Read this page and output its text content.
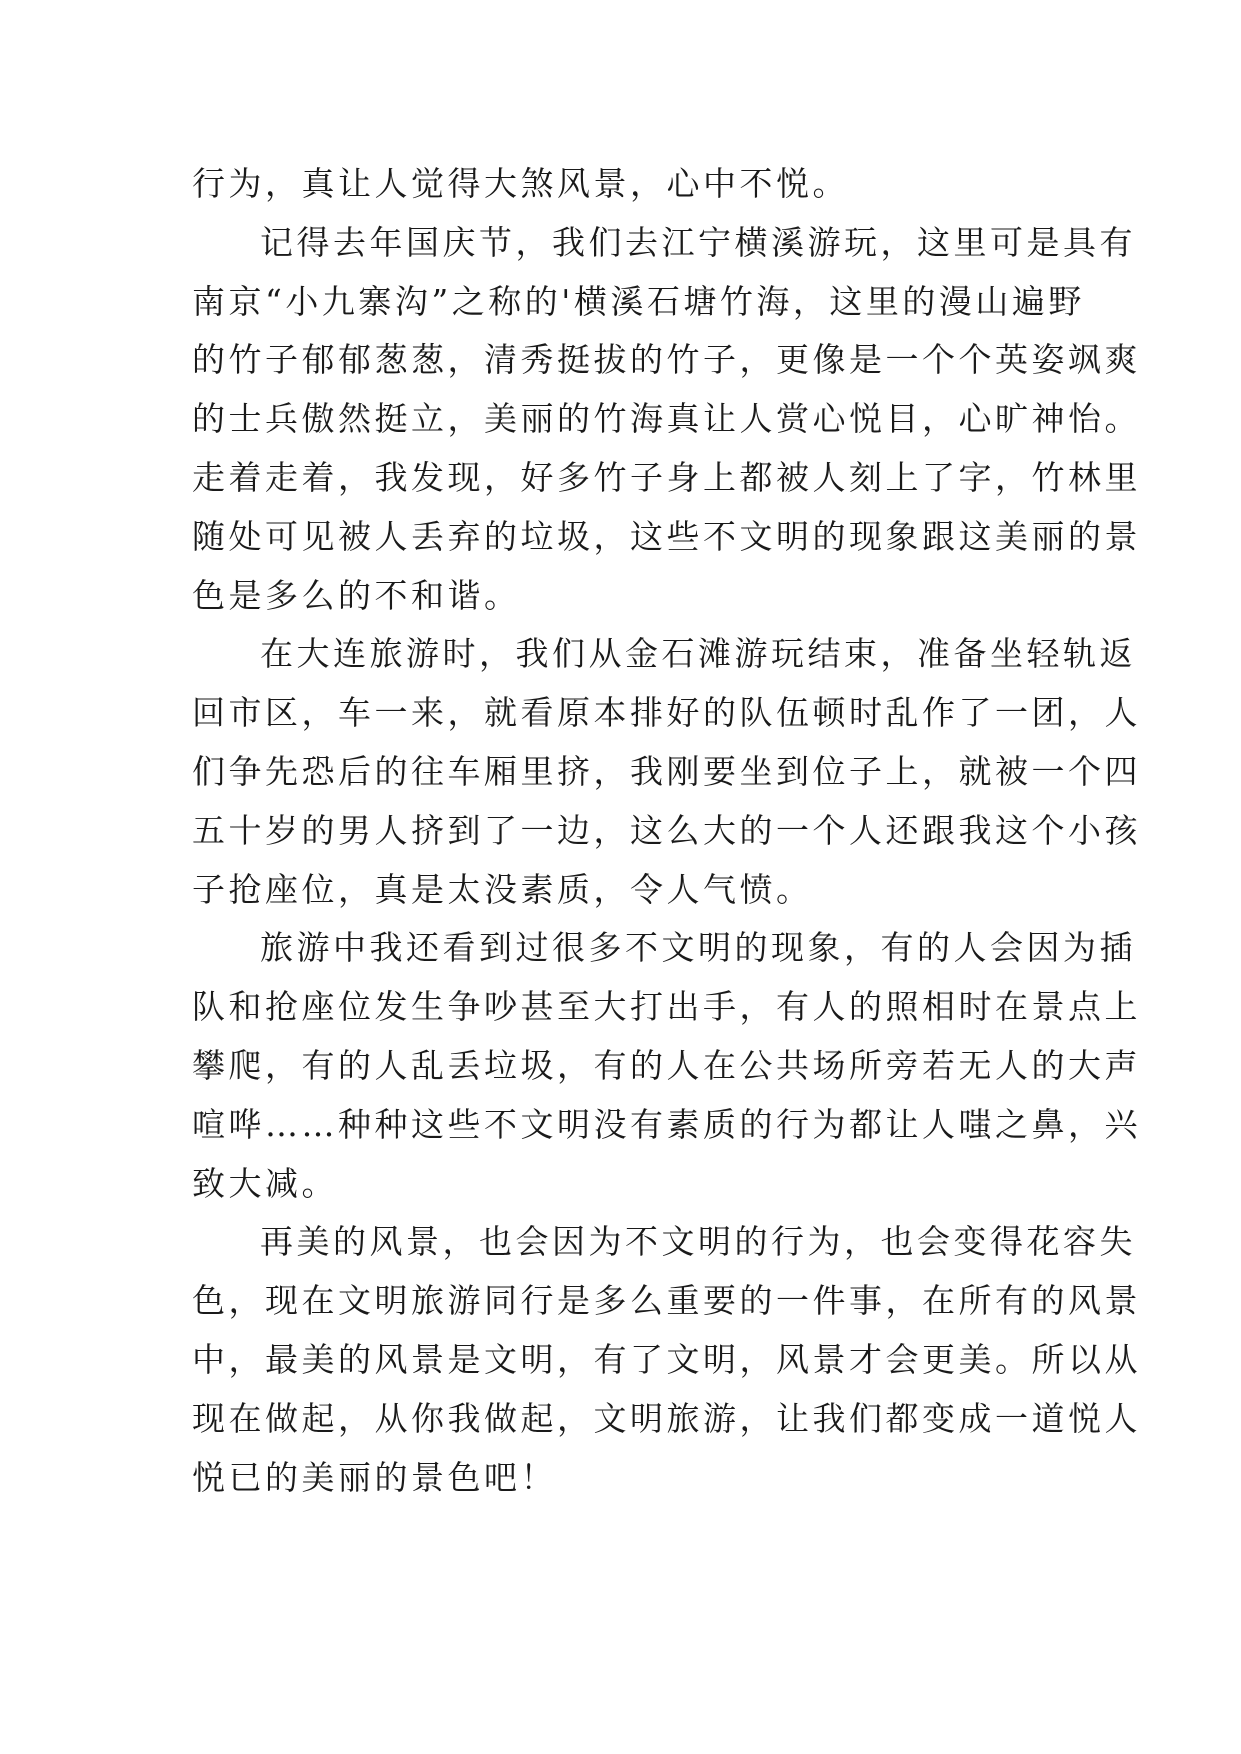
行为，真让人觉得大煞风景，心中不悦。
记得去年国庆节，我们去江宁横溪游玩，这里可是具有
南京“小九寨沟”之称的'横溪石塘竹海，这里的漫山遍野
的竹子郁郁葱葱，清秀挺拔的竹子，更像是一个个英姿飒爽
的士兵傲然挺立，美丽的竹海真让人赏心悦目，心旷神怡。
走着走着，我发现，好多竹子身上都被人刻上了字，竹林里
随处可见被人丢弃的垃圾，这些不文明的现象跟这美丽的景
色是多么的不和谐。
在大连旅游时，我们从金石滩游玩结束，准备坐轻轨返
回市区，车一来，就看原本排好的队伍顿时乱作了一团，人
们争先恐后的往车厢里挤，我刚要坐到位子上，就被一个四
五十岁的男人挤到了一边，这么大的一个人还跟我这个小孩
子抢座位，真是太没素质，令人气愤。
旅游中我还看到过很多不文明的现象，有的人会因为插
队和抢座位发生争吵甚至大打出手，有人的照相时在景点上
攀爬，有的人乱丢垃圾，有的人在公共场所旁若无人的大声
喧哗……种种这些不文明没有素质的行为都让人嗤之鼻，兴
致大减。
再美的风景，也会因为不文明的行为，也会变得花容失
色，现在文明旅游同行是多么重要的一件事，在所有的风景
中，最美的风景是文明，有了文明，风景才会更美。所以从
现在做起，从你我做起，文明旅游，让我们都变成一道悦人
悦已的美丽的景色吧！
